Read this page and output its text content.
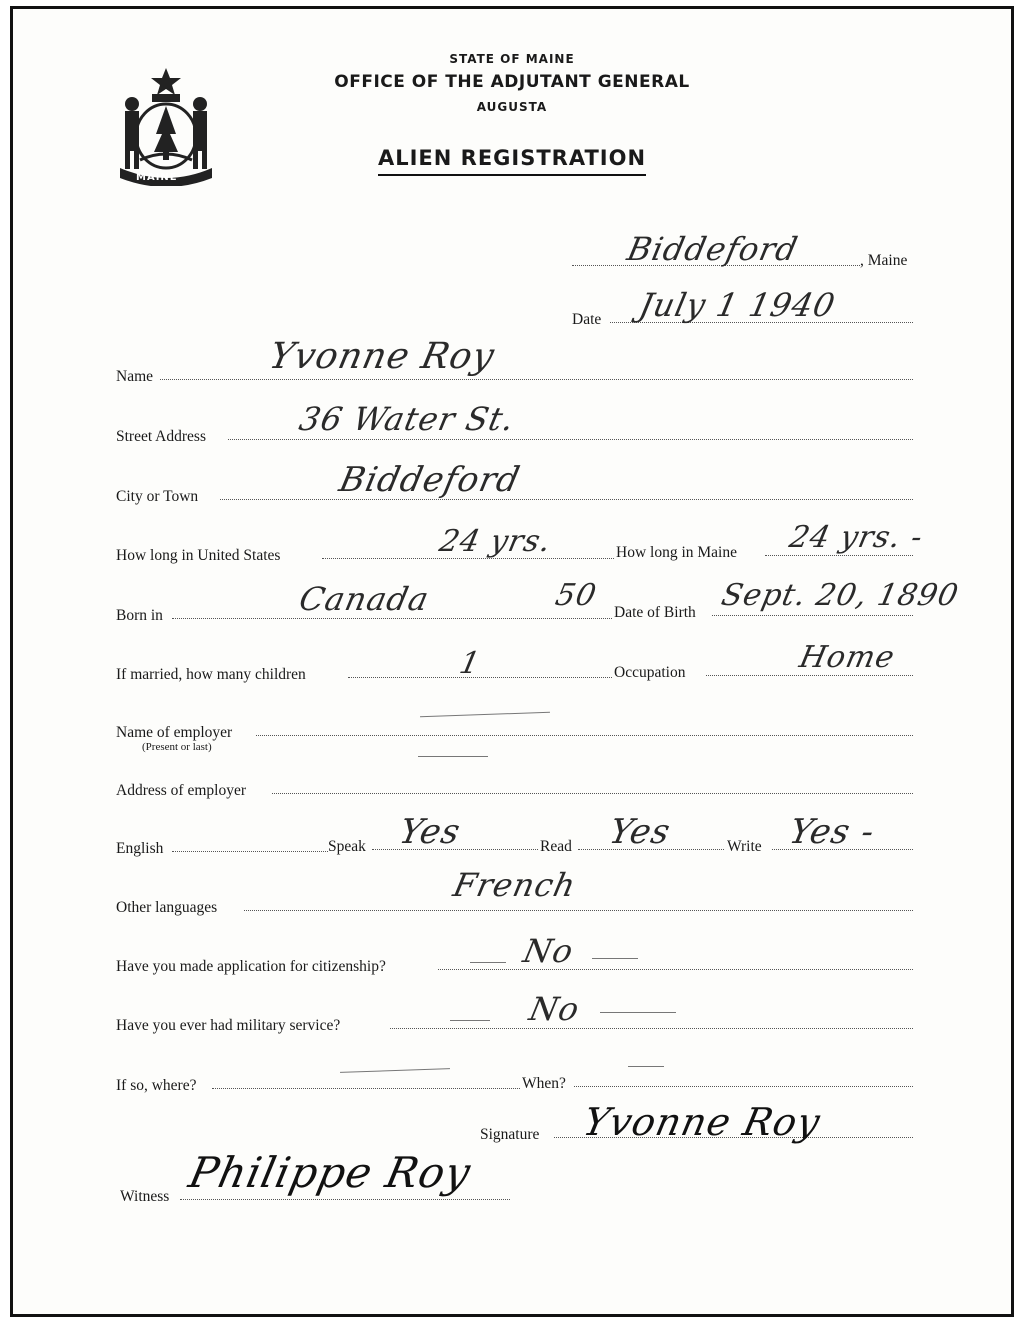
MAINE
STATE OF MAINE
OFFICE OF THE ADJUTANT GENERAL
AUGUSTA
ALIEN REGISTRATION
Biddeford	, Maine
Date July 1 1940
Name	Yvonne Roy
Street Address	36 Water St.
City or Town	Biddeford
How long in United States	24 yrs.	How long in Maine 24 yrs. -
Born in	Canada	50 Date of Birth Sept. 20, 1890
If married, how many children	1	Occupation	Home
Name of employer
(Present or last)
Address of employer
English	Speak Yes	Read Yes	Write Yes -
Other languages
French
Have you made application for citizenship?	No
Have you ever had military service?	No
If so, where?	When?
Signature Yvonne Roy
Witness Philippe Roy
